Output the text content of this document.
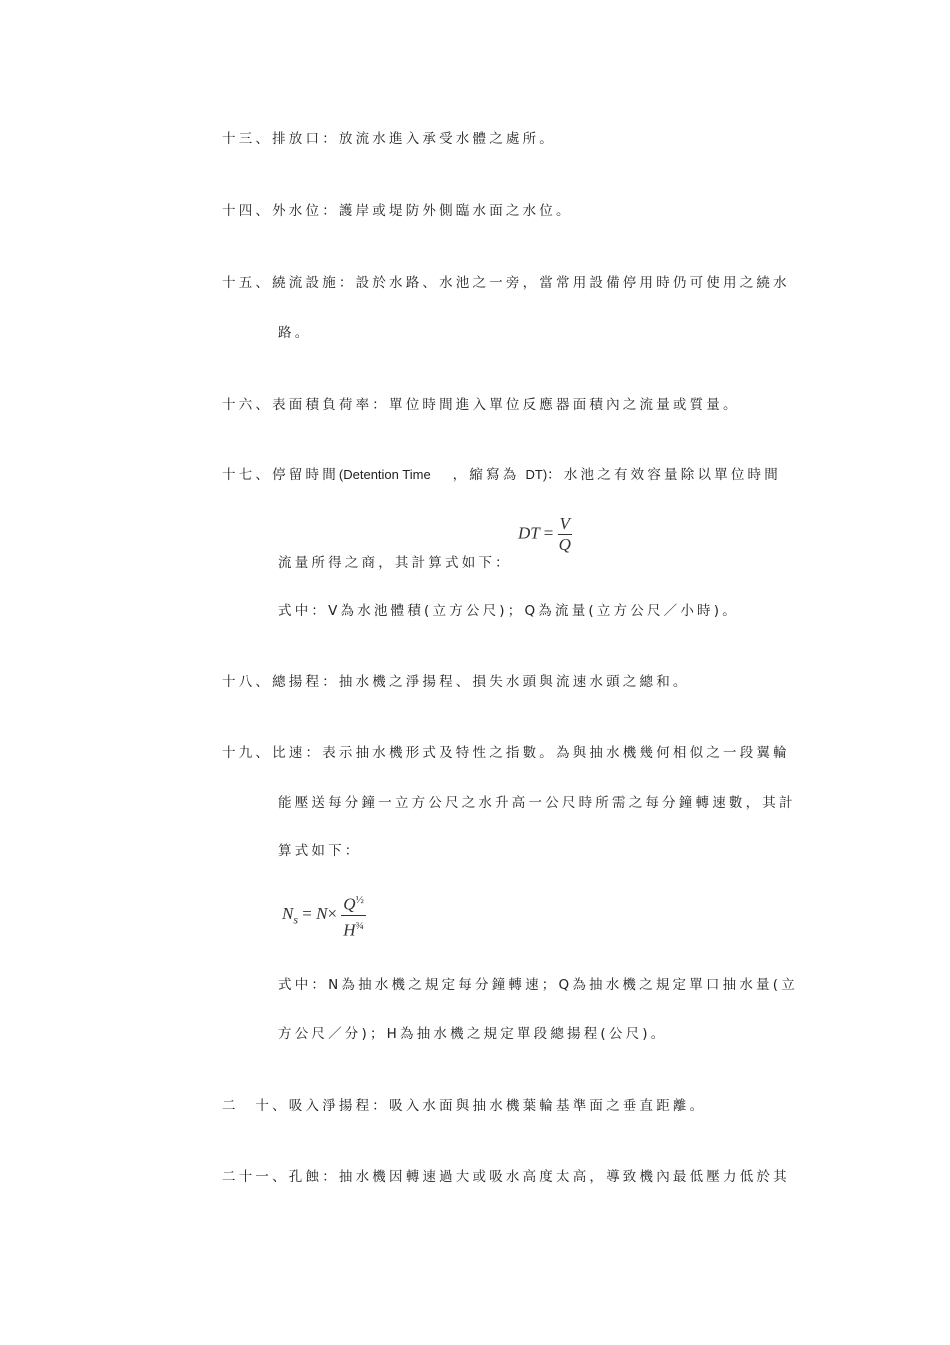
十三、排放口：放流水進入承受水體之處所。
十四、外水位：護岸或堤防外側臨水面之水位。
十五、繞流設施：設於水路、水池之一旁，當常用設備停用時仍可使用之繞水
路。
十六、表面積負荷率：單位時間進入單位反應器面積內之流量或質量。
十七、停留時間(Detention Time ，縮寫為 DT)：水池之有效容量除以單位時間
流量所得之商，其計算式如下：
DT = $\frac{V}{Q}$
式中：V為水池體積(立方公尺)；Q為流量(立方公尺／小時)。
十八、總揚程：抽水機之淨揚程、損失水頭與流速水頭之總和。
十九、比速：表示抽水機形式及特性之指數。為與抽水機幾何相似之一段翼輪
能壓送每分鐘一立方公尺之水升高一公尺時所需之每分鐘轉速數，其計
算式如下：
$N_s = N\times \frac{Q^{\frac{1}{2}}}{H^{\frac{3}{4}}}$
式中：N為抽水機之規定每分鐘轉速；Q為抽水機之規定單口抽水量(立
方公尺／分)；H為抽水機之規定單段總揚程(公尺)。
二　十、吸入淨揚程：吸入水面與抽水機葉輪基準面之垂直距離。
二十一、孔蝕：抽水機因轉速過大或吸水高度太高，導致機內最低壓力低於其
